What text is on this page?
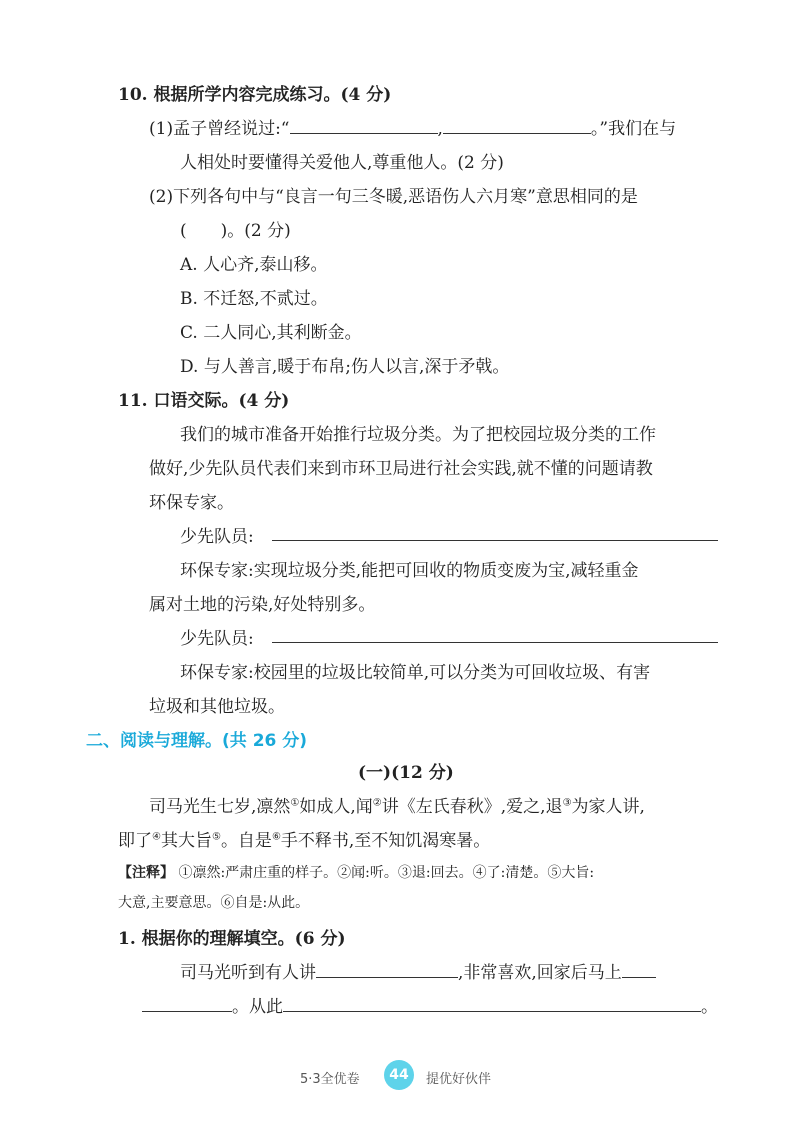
10. 根据所学内容完成练习。(4 分)
(1)孟子曾经说过:“	,	。”我们在与
人相处时要懂得关爱他人,尊重他人。(2 分)
(2)下列各句中与“良言一句三冬暖,恶语伤人六月寒”意思相同的是
(　　)。(2 分)
A. 人心齐,泰山移。
B. 不迁怒,不贰过。
C. 二人同心,其利断金。
D. 与人善言,暖于布帛;伤人以言,深于矛戟。
11. 口语交际。(4 分)
我们的城市准备开始推行垃圾分类。为了把校园垃圾分类的工作
做好,少先队员代表们来到市环卫局进行社会实践,就不懂的问题请教
环保专家。
少先队员:
环保专家:实现垃圾分类,能把可回收的物质变废为宝,减轻重金
属对土地的污染,好处特别多。
少先队员:
环保专家:校园里的垃圾比较简单,可以分类为可回收垃圾、有害
垃圾和其他垃圾。
二、阅读与理解。(共 26 分)
(一)(12 分)
司马光生七岁,凛然①如成人,闻②讲《左氏春秋》,爱之,退③为家人讲,
即了④其大旨⑤。自是⑥手不释书,至不知饥渴寒暑。
【注释】 ①凛然:严肃庄重的样子。②闻:听。③退:回去。④了:清楚。⑤大旨:
大意,主要意思。⑥自是:从此。
1. 根据你的理解填空。(6 分)
司马光听到有人讲	,非常喜欢,回家后马上
。从此	。
5·3全优卷	44	提优好伙伴
